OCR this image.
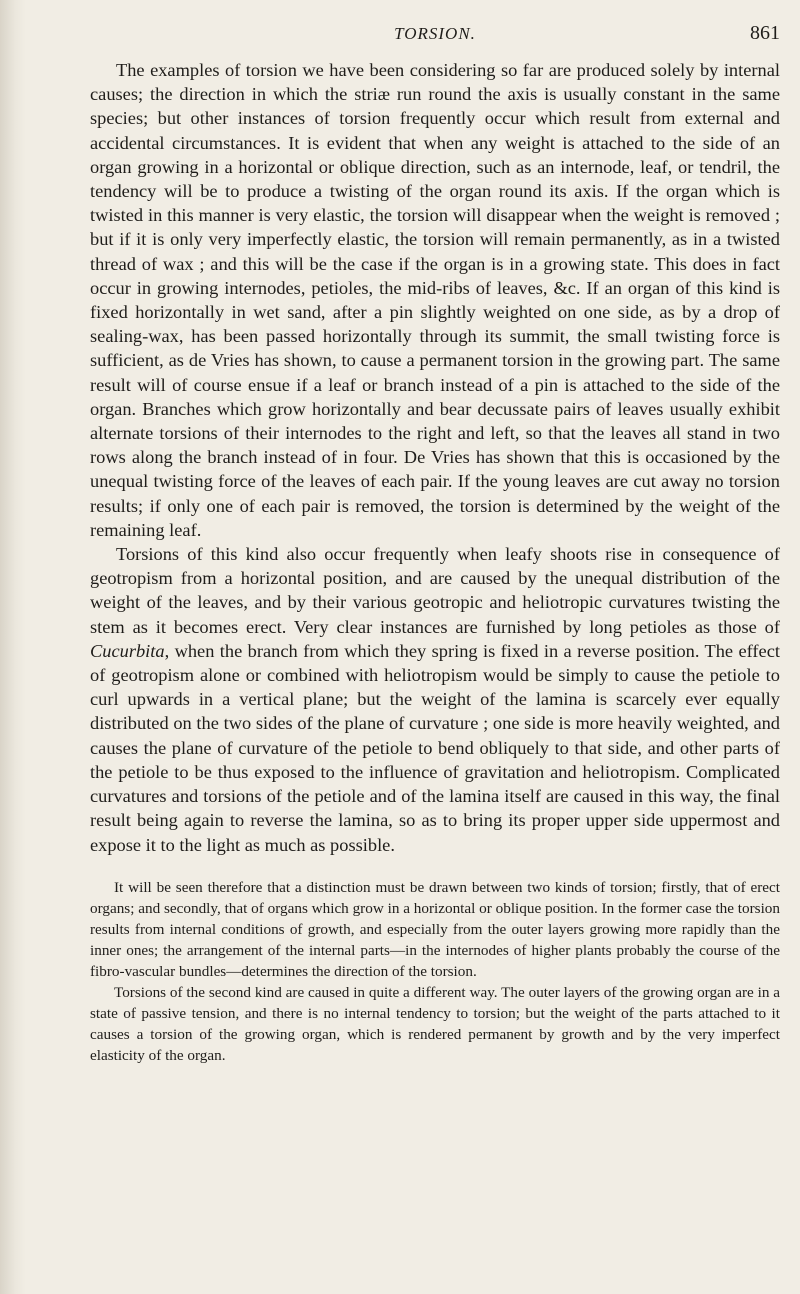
TORSION.	861

The examples of torsion we have been considering so far are produced solely by internal causes; the direction in which the striæ run round the axis is usually constant in the same species; but other instances of torsion frequently occur which result from external and accidental circumstances. It is evident that when any weight is attached to the side of an organ growing in a horizontal or oblique direction, such as an internode, leaf, or tendril, the tendency will be to produce a twisting of the organ round its axis. If the organ which is twisted in this manner is very elastic, the torsion will disappear when the weight is removed ; but if it is only very imperfectly elastic, the torsion will remain permanently, as in a twisted thread of wax ; and this will be the case if the organ is in a growing state. This does in fact occur in growing internodes, petioles, the mid-ribs of leaves, &c. If an organ of this kind is fixed horizontally in wet sand, after a pin slightly weighted on one side, as by a drop of sealing-wax, has been passed horizontally through its summit, the small twisting force is sufficient, as de Vries has shown, to cause a permanent torsion in the growing part. The same result will of course ensue if a leaf or branch instead of a pin is attached to the side of the organ. Branches which grow horizontally and bear decussate pairs of leaves usually exhibit alternate torsions of their internodes to the right and left, so that the leaves all stand in two rows along the branch instead of in four. De Vries has shown that this is occasioned by the unequal twisting force of the leaves of each pair. If the young leaves are cut away no torsion results; if only one of each pair is removed, the torsion is determined by the weight of the remaining leaf.

Torsions of this kind also occur frequently when leafy shoots rise in consequence of geotropism from a horizontal position, and are caused by the unequal distribution of the weight of the leaves, and by their various geotropic and heliotropic curvatures twisting the stem as it becomes erect. Very clear instances are furnished by long petioles as those of Cucurbita, when the branch from which they spring is fixed in a reverse position. The effect of geotropism alone or combined with heliotropism would be simply to cause the petiole to curl upwards in a vertical plane; but the weight of the lamina is scarcely ever equally distributed on the two sides of the plane of curvature ; one side is more heavily weighted, and causes the plane of curvature of the petiole to bend obliquely to that side, and other parts of the petiole to be thus exposed to the influence of gravitation and heliotropism. Complicated curvatures and torsions of the petiole and of the lamina itself are caused in this way, the final result being again to reverse the lamina, so as to bring its proper upper side uppermost and expose it to the light as much as possible.

It will be seen therefore that a distinction must be drawn between two kinds of torsion; firstly, that of erect organs; and secondly, that of organs which grow in a horizontal or oblique position. In the former case the torsion results from internal conditions of growth, and especially from the outer layers growing more rapidly than the inner ones; the arrangement of the internal parts—in the internodes of higher plants probably the course of the fibro-vascular bundles—determines the direction of the torsion.

Torsions of the second kind are caused in quite a different way. The outer layers of the growing organ are in a state of passive tension, and there is no internal tendency to torsion; but the weight of the parts attached to it causes a torsion of the growing organ, which is rendered permanent by growth and by the very imperfect elasticity of the organ.
